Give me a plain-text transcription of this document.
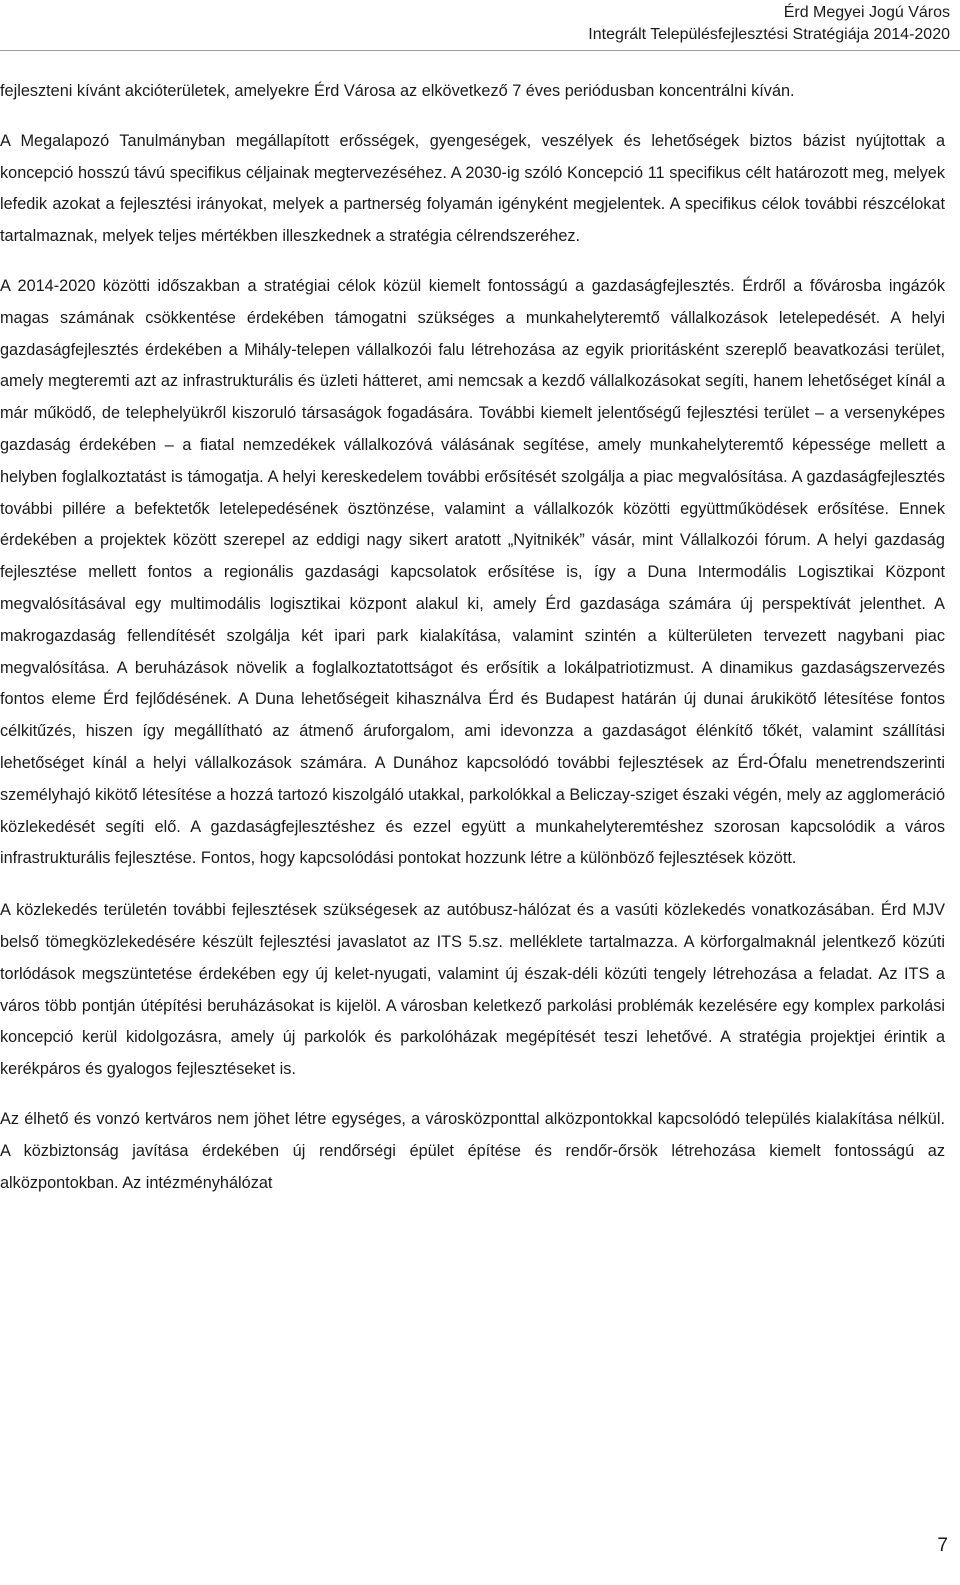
Érd Megyei Jogú Város
Integrált Településfejlesztési Stratégiája 2014-2020

fejleszteni kívánt akcióterületek, amelyekre Érd Városa az elkövetkező 7 éves periódusban koncentrálni kíván.

A Megalapozó Tanulmányban megállapított erősségek, gyengeségek, veszélyek és lehetőségek biztos bázist nyújtottak a koncepció hosszú távú specifikus céljainak megtervezéséhez. A 2030-ig szóló Koncepció 11 specifikus célt határozott meg, melyek lefedik azokat a fejlesztési irányokat, melyek a partnerség folyamán igényként megjelentek. A specifikus célok további részcélokat tartalmaznak, melyek teljes mértékben illeszkednek a stratégia célrendszeréhez.

A 2014-2020 közötti időszakban a stratégiai célok közül kiemelt fontosságú a gazdaságfejlesztés. Érdről a fővárosba ingázók magas számának csökkentése érdekében támogatni szükséges a munkahelyteremtő vállalkozások letelepedését. A helyi gazdaságfejlesztés érdekében a Mihály-telepen vállalkozói falu létrehozása az egyik prioritásként szereplő beavatkozási terület, amely megteremti azt az infrastrukturális és üzleti hátteret, ami nemcsak a kezdő vállalkozásokat segíti, hanem lehetőséget kínál a már működő, de telephelyükről kiszoruló társaságok fogadására. További kiemelt jelentőségű fejlesztési terület – a versenyképes gazdaság érdekében – a fiatal nemzedékek vállalkozóvá válásának segítése, amely munkahelyteremtő képessége mellett a helyben foglalkoztatást is támogatja. A helyi kereskedelem további erősítését szolgálja a piac megvalósítása. A gazdaságfejlesztés további pillére a befektetők letelepedésének ösztönzése, valamint a vállalkozók közötti együttműködések erősítése. Ennek érdekében a projektek között szerepel az eddigi nagy sikert aratott „Nyitnikék” vásár, mint Vállalkozói fórum. A helyi gazdaság fejlesztése mellett fontos a regionális gazdasági kapcsolatok erősítése is, így a Duna Intermodális Logisztikai Központ megvalósításával egy multimodális logisztikai központ alakul ki, amely Érd gazdasága számára új perspektívát jelenthet. A makrogazdaság fellendítését szolgálja két ipari park kialakítása, valamint szintén a külterületen tervezett nagybani piac megvalósítása. A beruházások növelik a foglalkoztatottságot és erősítik a lokálpatriotizmust. A dinamikus gazdaságszervezés fontos eleme Érd fejlődésének. A Duna lehetőségeit kihasználva Érd és Budapest határán új dunai árukikötő létesítése fontos célkitűzés, hiszen így megállítható az átmenő áruforgalom, ami idevonzza a gazdaságot élénkítő tőkét, valamint szállítási lehetőséget kínál a helyi vállalkozások számára. A Dunához kapcsolódó további fejlesztések az Érd-Ófalu menetrendszerinti személyhajó kikötő létesítése a hozzá tartozó kiszolgáló utakkal, parkolókkal a Beliczay-sziget északi végén, mely az agglomeráció közlekedését segíti elő. A gazdaságfejlesztéshez és ezzel együtt a munkahelyteremtéshez szorosan kapcsolódik a város infrastrukturális fejlesztése. Fontos, hogy kapcsolódási pontokat hozzunk létre a különböző fejlesztések között.

A közlekedés területén további fejlesztések szükségesek az autóbusz-hálózat és a vasúti közlekedés vonatkozásában. Érd MJV belső tömegközlekedésére készült fejlesztési javaslatot az ITS 5.sz. melléklete tartalmazza. A körforgalmaknál jelentkező közúti torlódások megszüntetése érdekében egy új kelet-nyugati, valamint új észak-déli közúti tengely létrehozása a feladat. Az ITS a város több pontján útépítési beruházásokat is kijelöl. A városban keletkező parkolási problémák kezelésére egy komplex parkolási koncepció kerül kidolgozásra, amely új parkolók és parkolóházak megépítését teszi lehetővé. A stratégia projektjei érintik a kerékpáros és gyalogos fejlesztéseket is.

Az élhető és vonzó kertváros nem jöhet létre egységes, a városközponttal alközpontokkal kapcsolódó település kialakítása nélkül. A közbiztonság javítása érdekében új rendőrségi épület építése és rendőr-őrsök létrehozása kiemelt fontosságú az alközpontokban. Az intézményhálózat

7
